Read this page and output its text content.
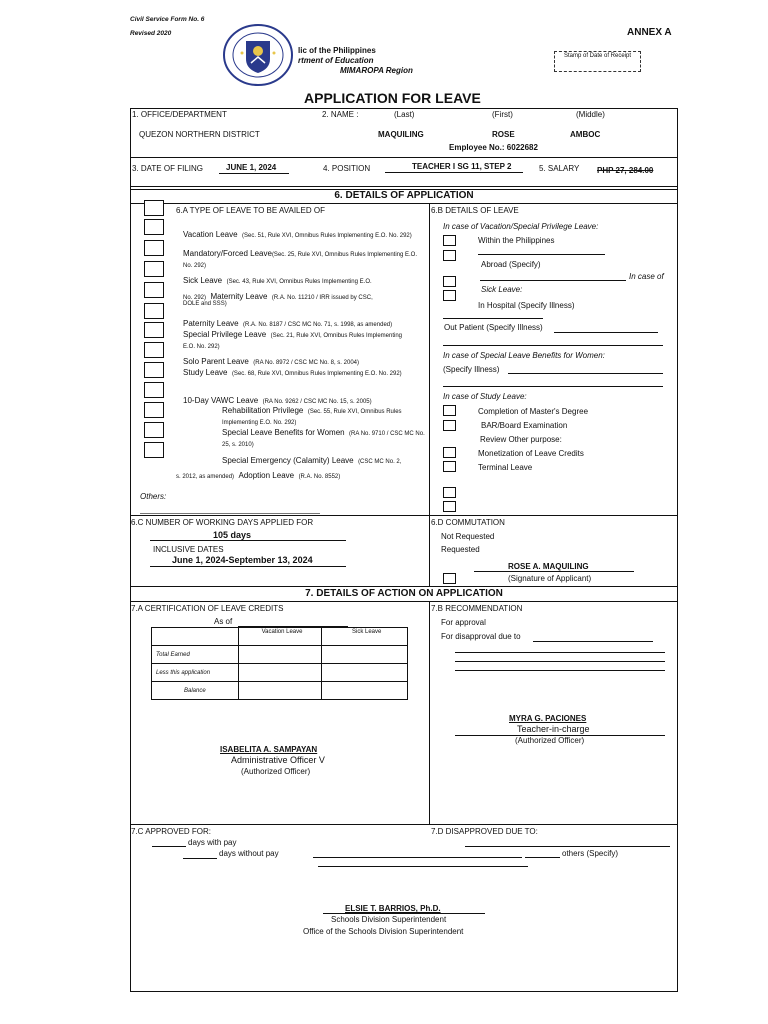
Civil Service Form No. 6
Revised 2020	ANNEX A
lic of the Philippines
rtment of Education
MIMAROPA Region
Stamp of Date of Receipt
APPLICATION FOR LEAVE
1. OFFICE/DEPARTMENT	2. NAME :	(Last)	(First)	(Middle)
QUEZON NORTHERN DISTRICT	MAQUILING	ROSE	AMBOC
Employee No.: 6022682
3. DATE OF FILING	JUNE 1, 2024	4. POSITION	TEACHER I SG 11, STEP 2	5. SALARY PHP 27, 284.00
6. DETAILS OF APPLICATION
6.A TYPE OF LEAVE TO BE AVAILED OF	6.B DETAILS OF LEAVE
Vacation Leave (Sec. 51, Rule XVI, Omnibus Rules Implementing E.O. No. 292)
Mandatory/Forced Leave(Sec. 25, Rule XVI, Omnibus Rules Implementing E.O. No. 292)
Sick Leave (Sec. 43, Rule XVI, Omnibus Rules Implementing E.O.
No. 292) Maternity Leave (R.A. No. 11210 / IRR issued by CSC,
DOLE and SSS)
Paternity Leave (R.A. No. 8187 / CSC MC No. 71, s. 1998, as amended)
Special Privilege Leave (Sec. 21, Rule XVI, Omnibus Rules Implementing E.O. No. 292)
Solo Parent Leave (RA No. 8972 / CSC MC No. 8, s. 2004)
Study Leave (Sec. 68, Rule XVI, Omnibus Rules Implementing E.O. No. 292)
10-Day VAWC Leave (RA No. 9262 / CSC MC No. 15, s. 2005)
Rehabilitation Privilege (Sec. 55, Rule XVI, Omnibus Rules Implementing E.O. No. 292)
Special Leave Benefits for Women (RA No. 9710 / CSC MC No. 25, s. 2010)
Special Emergency (Calamity) Leave (CSC MC No. 2,
s. 2012, as amended) Adoption Leave (R.A. No. 8552)
Others:
In case of Vacation/Special Privilege Leave:
Within the Philippines
Abroad (Specify)
In case of
Sick Leave:
In Hospital (Specify Illness)
Out Patient (Specify Illness)
In case of Special Leave Benefits for Women:
(Specify Illness)
In case of Study Leave:
Completion of Master's Degree
BAR/Board Examination
Review Other purpose:
Monetization of Leave Credits
Terminal Leave
6.C NUMBER OF WORKING DAYS APPLIED FOR
105 days
INCLUSIVE DATES
June 1, 2024-September 13, 2024
6.D COMMUTATION
Not Requested
Requested
ROSE A. MAQUILING
(Signature of Applicant)
7. DETAILS OF ACTION ON APPLICATION
7.A CERTIFICATION OF LEAVE CREDITS
As of
	Vacation Leave	Sick Leave
Total Earned		
Less this application		
Balance		
7.B RECOMMENDATION
For approval
For disapproval due to
MYRA G. PACIONES
Teacher-in-charge
(Authorized Officer)
ISABELITA A. SAMPAYAN
Administrative Officer V
(Authorized Officer)
7.C APPROVED FOR:
days with pay
days without pay
7.D DISAPPROVED DUE TO:
others (Specify)
ELSIE T. BARRIOS, Ph.D.
Schools Division Superintendent
Office of the Schools Division Superintendent
